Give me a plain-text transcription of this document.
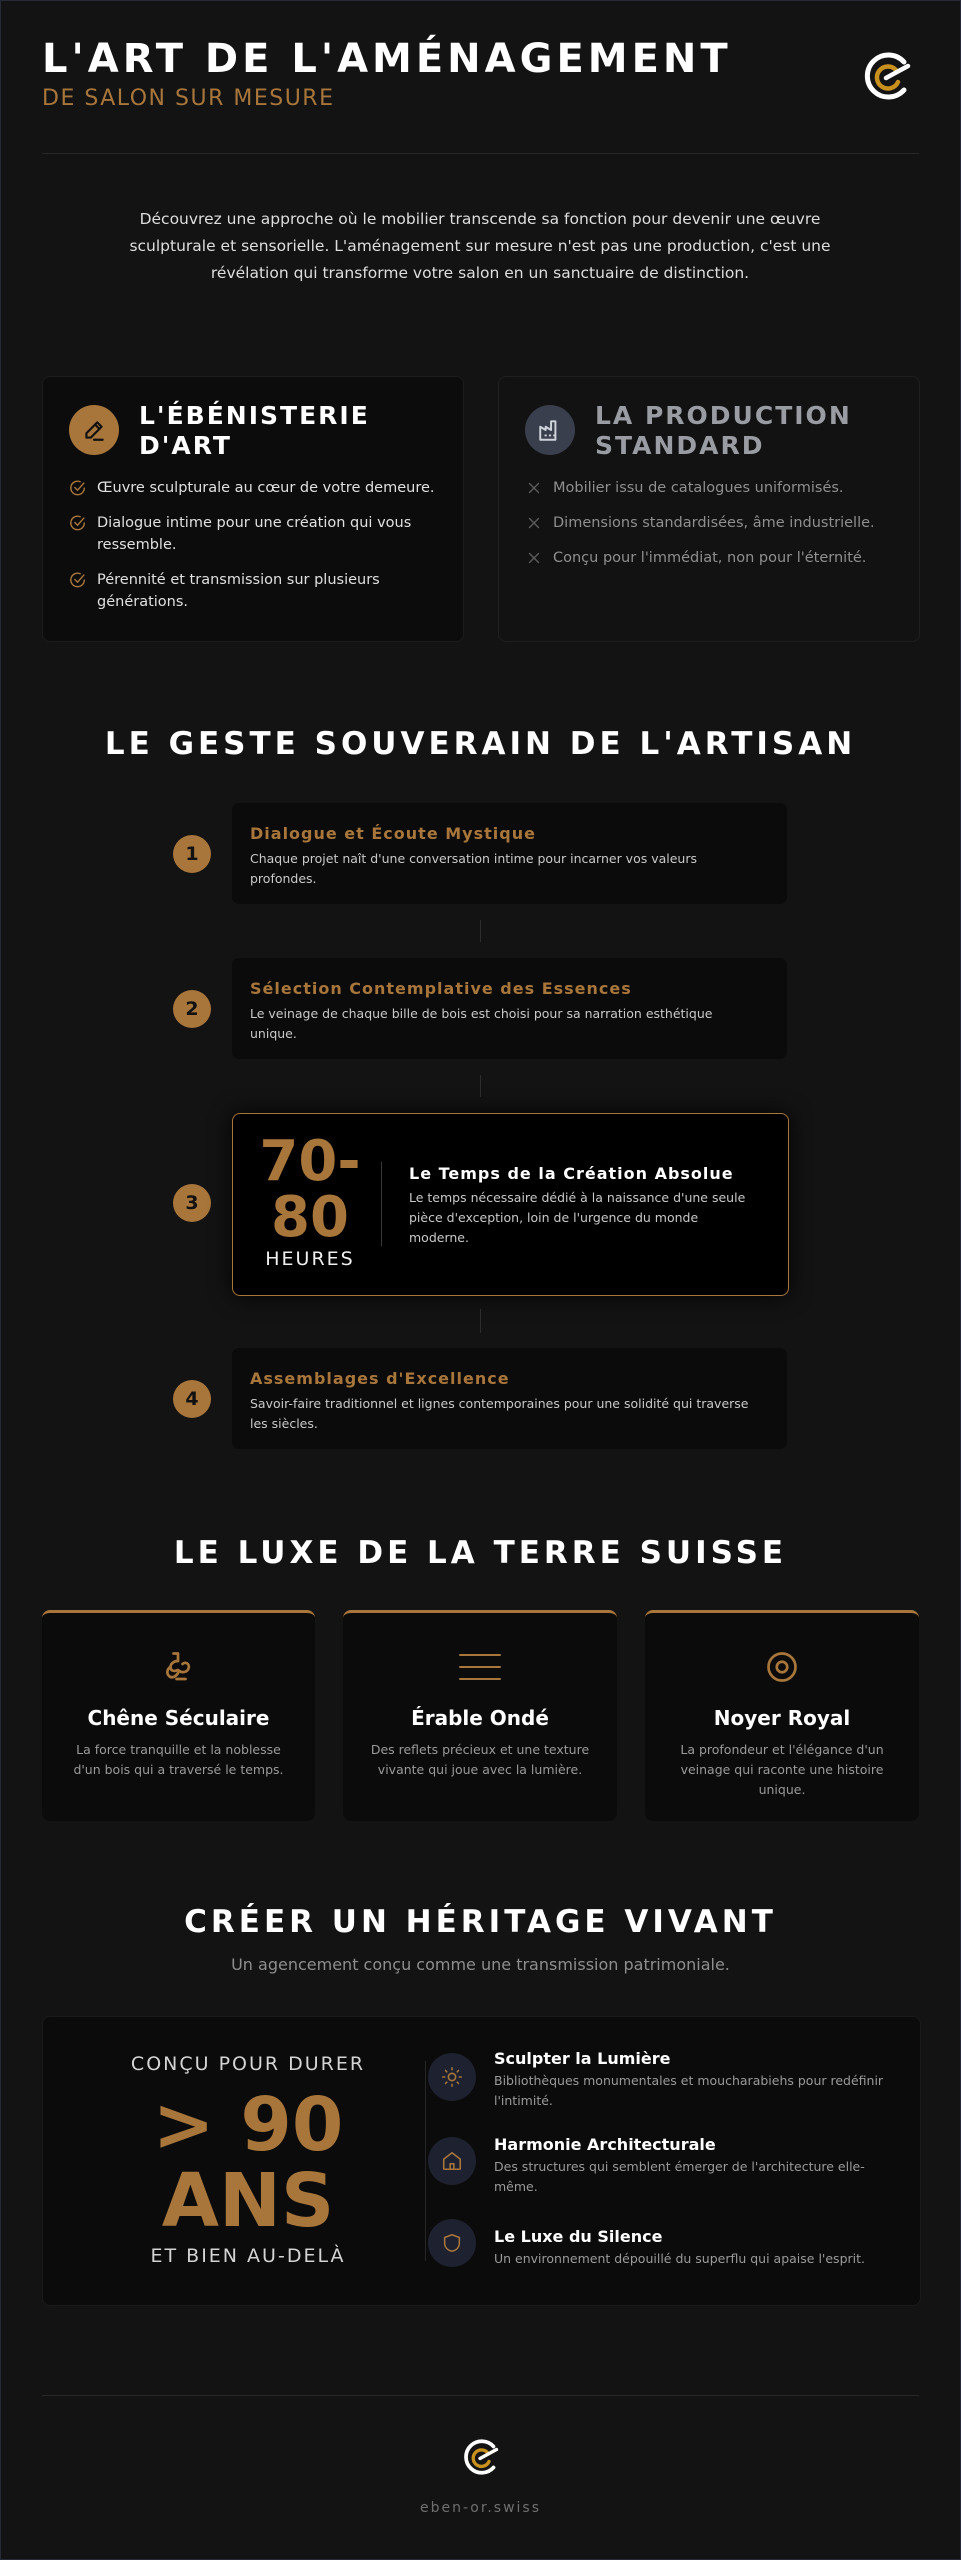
L'ART DE L'AMÉNAGEMENT
DE SALON SUR MESURE
Découvrez une approche où le mobilier transcende sa fonction pour devenir une œuvre sculpturale et sensorielle. L'aménagement sur mesure n'est pas une production, c'est une révélation qui transforme votre salon en un sanctuaire de distinction.
L'ÉBÉNISTERIE D'ART
Œuvre sculpturale au cœur de votre demeure.
Dialogue intime pour une création qui vous ressemble.
Pérennité et transmission sur plusieurs générations.
LA PRODUCTION STANDARD
Mobilier issu de catalogues uniformisés.
Dimensions standardisées, âme industrielle.
Conçu pour l'immédiat, non pour l'éternité.
LE GESTE SOUVERAIN DE L'ARTISAN
1
Dialogue et Écoute Mystique
Chaque projet naît d'une conversation intime pour incarner vos valeurs profondes.
2
Sélection Contemplative des Essences
Le veinage de chaque bille de bois est choisi pour sa narration esthétique unique.
3
70-80
HEURES
Le Temps de la Création Absolue
Le temps nécessaire dédié à la naissance d'une seule pièce d'exception, loin de l'urgence du monde moderne.
4
Assemblages d'Excellence
Savoir-faire traditionnel et lignes contemporaines pour une solidité qui traverse les siècles.
LE LUXE DE LA TERRE SUISSE
Chêne Séculaire
La force tranquille et la noblesse d'un bois qui a traversé le temps.
Érable Ondé
Des reflets précieux et une texture vivante qui joue avec la lumière.
Noyer Royal
La profondeur et l'élégance d'un veinage qui raconte une histoire unique.
CRÉER UN HÉRITAGE VIVANT
Un agencement conçu comme une transmission patrimoniale.
CONÇU POUR DURER
> 90
ANS
ET BIEN AU-DELÀ
Sculpter la Lumière
Bibliothèques monumentales et moucharabiehs pour redéfinir l'intimité.
Harmonie Architecturale
Des structures qui semblent émerger de l'architecture elle-même.
Le Luxe du Silence
Un environnement dépouillé du superflu qui apaise l'esprit.
eben-or.swiss
